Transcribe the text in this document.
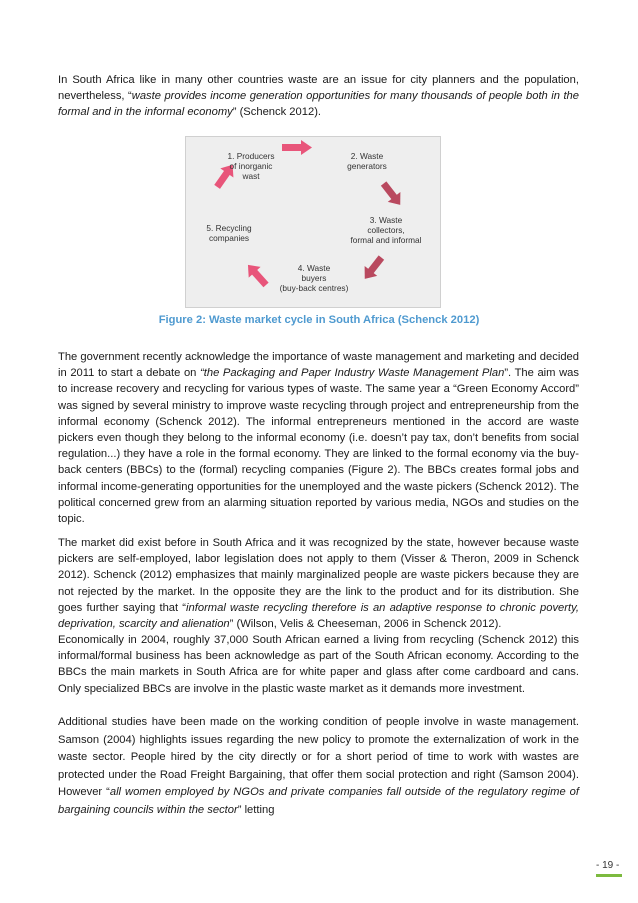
In South Africa like in many other countries waste are an issue for city planners and the population, nevertheless, “waste provides income generation opportunities for many thousands of people both in the formal and in the informal economy” (Schenck 2012).

1. Producers
of inorganic
wast
2. Waste
generators
3. Waste
collectors,
formal and informal
4. Waste
buyers
(buy-back centres)
5. Recycling
companies
Figure 2: Waste market cycle in South Africa (Schenck 2012)

The government recently acknowledge the importance of waste management and marketing and decided in 2011 to start a debate on “the Packaging and Paper Industry Waste Management Plan”. The aim was to increase recovery and recycling for various types of waste. The same year a “Green Economy Accord” was signed by several ministry to improve waste recycling through project and entrepreneurship from the informal economy (Schenck 2012). The informal entrepreneurs mentioned in the accord are waste pickers even though they belong to the informal economy (i.e. doesn’t pay tax, don’t benefits from social regulation...) they have a role in the formal economy. They are linked to the formal economy via the buy-back centers (BBCs) to the (formal) recycling companies (Figure 2). The BBCs creates formal jobs and informal income-generating opportunities for the unemployed and the waste pickers (Schenck 2012). The political concerned grew from an alarming situation reported by various media, NGOs and studies on the topic.

The market did exist before in South Africa and it was recognized by the state, however because waste pickers are self-employed, labor legislation does not apply to them (Visser & Theron, 2009 in Schenck 2012). Schenck (2012) emphasizes that mainly marginalized people are waste pickers because they are not rejected by the market. In the opposite they are the link to the product and for its distribution. She goes further saying that “informal waste recycling therefore is an adaptive response to chronic poverty, deprivation, scarcity and alienation” (Wilson, Velis & Cheeseman, 2006 in Schenck 2012).

Economically in 2004, roughly 37,000 South African earned a living from recycling (Schenck 2012) this informal/formal business has been acknowledge as part of the South African economy. According to the BBCs the main markets in South Africa are for white paper and glass after come cardboard and cans. Only specialized BBCs are involve in the plastic waste market as it demands more investment.

Additional studies have been made on the working condition of people involve in waste management. Samson (2004) highlights issues regarding the new policy to promote the externalization of work in the waste sector. People hired by the city directly or for a short period of time to work with wastes are protected under the Road Freight Bargaining, that offer them social protection and right (Samson 2004). However “all women employed by NGOs and private companies fall outside of the regulatory regime of bargaining councils within the sector” letting

- 19 -
